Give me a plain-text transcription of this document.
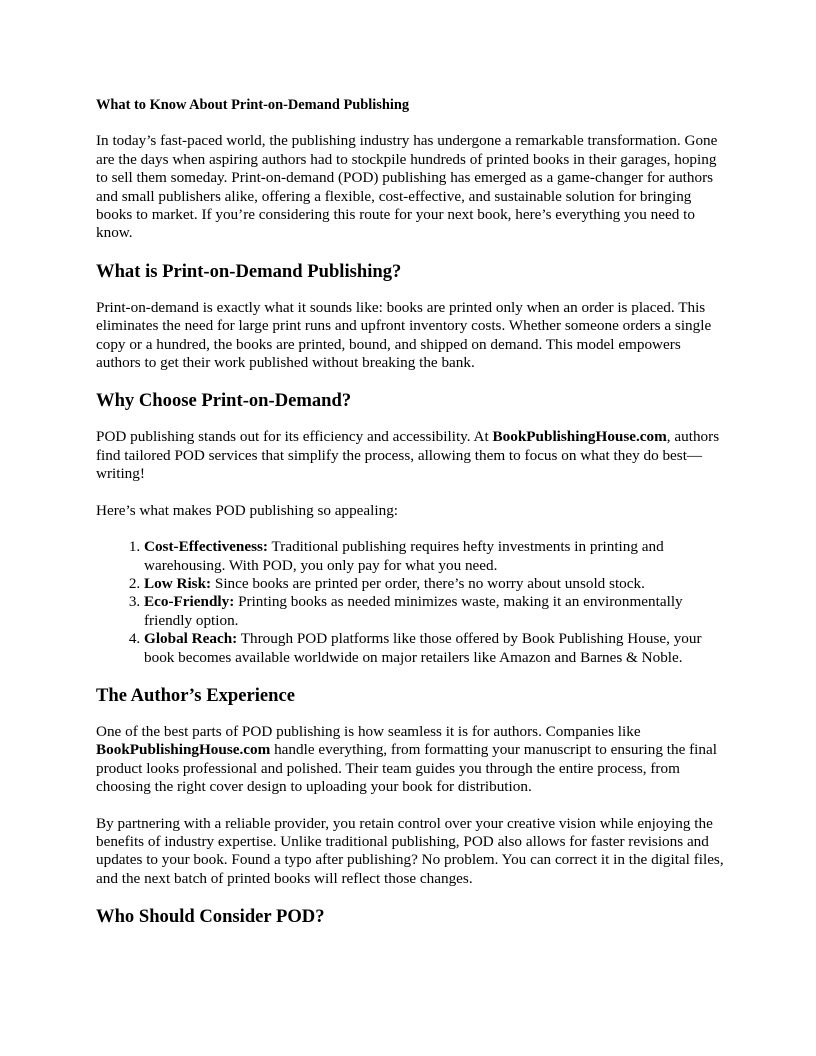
What to Know About Print-on-Demand Publishing

In today’s fast-paced world, the publishing industry has undergone a remarkable transformation. Gone are the days when aspiring authors had to stockpile hundreds of printed books in their garages, hoping to sell them someday. Print-on-demand (POD) publishing has emerged as a game-changer for authors and small publishers alike, offering a flexible, cost-effective, and sustainable solution for bringing books to market. If you’re considering this route for your next book, here’s everything you need to know.

What is Print-on-Demand Publishing?

Print-on-demand is exactly what it sounds like: books are printed only when an order is placed. This eliminates the need for large print runs and upfront inventory costs. Whether someone orders a single copy or a hundred, the books are printed, bound, and shipped on demand. This model empowers authors to get their work published without breaking the bank.

Why Choose Print-on-Demand?

POD publishing stands out for its efficiency and accessibility. At BookPublishingHouse.com, authors find tailored POD services that simplify the process, allowing them to focus on what they do best—writing!

Here’s what makes POD publishing so appealing:

1. Cost-Effectiveness: Traditional publishing requires hefty investments in printing and warehousing. With POD, you only pay for what you need.
2. Low Risk: Since books are printed per order, there’s no worry about unsold stock.
3. Eco-Friendly: Printing books as needed minimizes waste, making it an environmentally friendly option.
4. Global Reach: Through POD platforms like those offered by Book Publishing House, your book becomes available worldwide on major retailers like Amazon and Barnes & Noble.
The Author’s Experience

One of the best parts of POD publishing is how seamless it is for authors. Companies like BookPublishingHouse.com handle everything, from formatting your manuscript to ensuring the final product looks professional and polished. Their team guides you through the entire process, from choosing the right cover design to uploading your book for distribution.

By partnering with a reliable provider, you retain control over your creative vision while enjoying the benefits of industry expertise. Unlike traditional publishing, POD also allows for faster revisions and updates to your book. Found a typo after publishing? No problem. You can correct it in the digital files, and the next batch of printed books will reflect those changes.

Who Should Consider POD?
